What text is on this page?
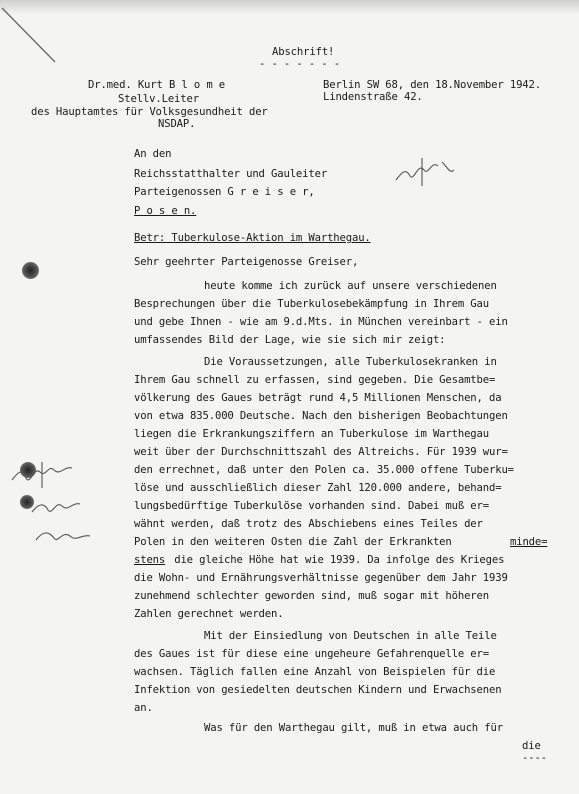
Abschrift!
- - - - - - -
Dr.med. Kurt B l o m e	Berlin SW 68, den 18.November 1942.
Stellv.Leiter	Lindenstraße 42.
des Hauptamtes für Volksgesundheit der
NSDAP.
An den
Reichsstatthalter und Gauleiter
Parteigenossen G r e i s e r,
P o s e n.
Betr: Tuberkulose-Aktion im Warthegau.
Sehr geehrter Parteigenosse Greiser,
heute komme ich zurück auf unsere verschiedenen
Besprechungen über die Tuberkulosebekämpfung in Ihrem Gau
und gebe Ihnen - wie am 9.d.Mts. in München vereinbart - ein
umfassendes Bild der Lage, wie sie sich mir zeigt:
Die Voraussetzungen, alle Tuberkulosekranken in
Ihrem Gau schnell zu erfassen, sind gegeben. Die Gesamtbe=
völkerung des Gaues beträgt rund 4,5 Millionen Menschen, da
von etwa 835.000 Deutsche. Nach den bisherigen Beobachtungen
liegen die Erkrankungsziffern an Tuberkulose im Warthegau
weit über der Durchschnittszahl des Altreichs. Für 1939 wur=
den errechnet, daß unter den Polen ca. 35.000 offene Tuberku=
löse und ausschließlich dieser Zahl 120.000 andere, behand=
lungsbedürftige Tuberkulöse vorhanden sind. Dabei muß er=
wähnt werden, daß trotz des Abschiebens eines Teiles der
Polen in den weiteren Osten die Zahl der Erkrankten	minde=
stens die gleiche Höhe hat wie 1939. Da infolge des Krieges
die Wohn- und Ernährungsverhältnisse gegenüber dem Jahr 1939
zunehmend schlechter geworden sind, muß sogar mit höheren
Zahlen gerechnet werden.
Mit der Einsiedlung von Deutschen in alle Teile
des Gaues ist für diese eine ungeheure Gefahrenquelle er=
wachsen. Täglich fallen eine Anzahl von Beispielen für die
Infektion von gesiedelten deutschen Kindern und Erwachsenen
an.
Was für den Warthegau gilt, muß in etwa auch für
die
----
